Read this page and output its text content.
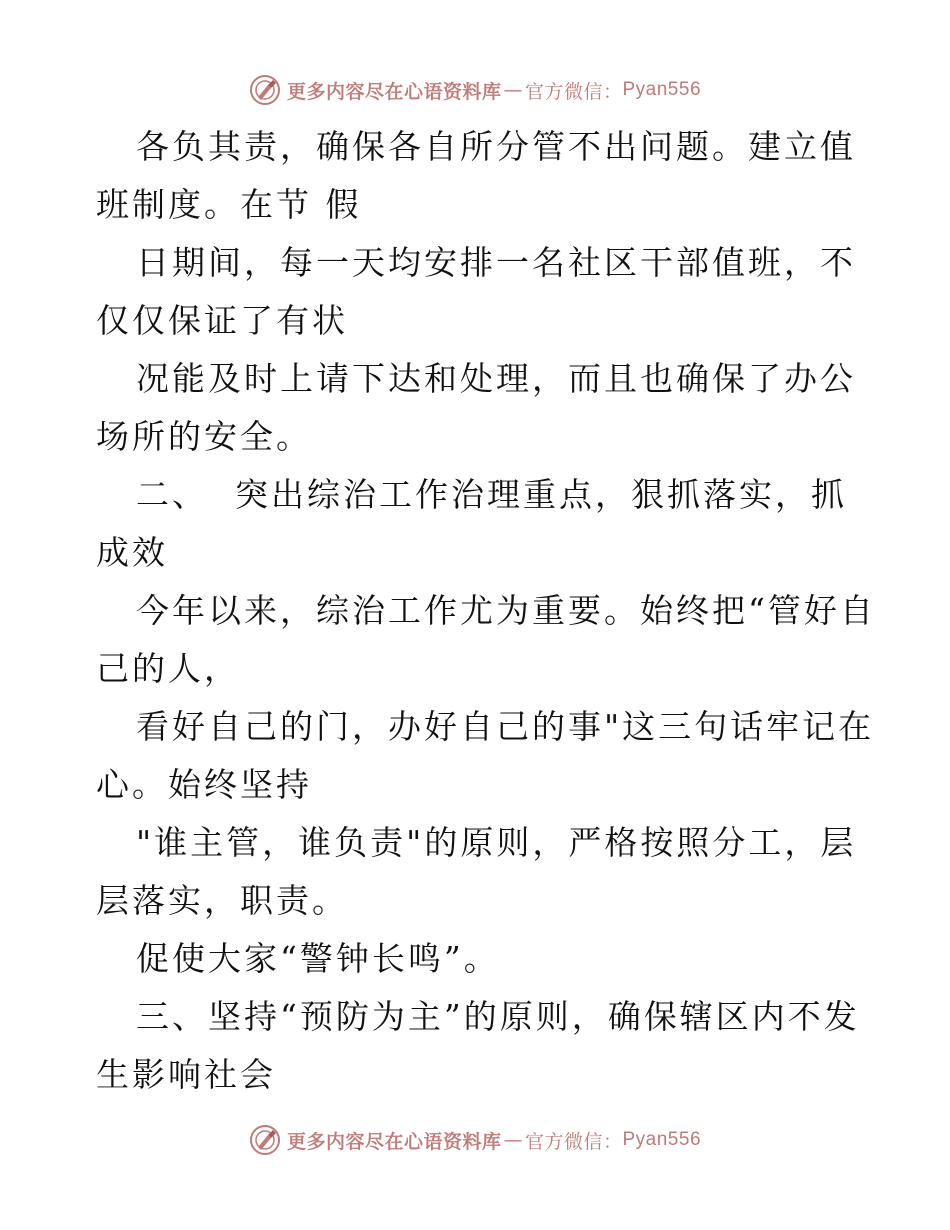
更多内容尽在心语资料库 — 官方微信： Pyan556

各负其责，确保各自所分管不出问题。建立值班制度。在节 假

日期间，每一天均安排一名社区干部值班，不仅仅保证了有状

况能及时上请下达和处理，而且也确保了办公场所的安全。

二、  突出综治工作治理重点，狠抓落实，抓成效

今年以来，综治工作尤为重要。始终把“管好自己的人，

看好自己的门，办好自己的事"这三句话牢记在心。始终坚持

"谁主管，谁负责"的原则，严格按照分工，层层落实，职责。

促使大家“警钟长鸣”。

三、坚持“预防为主”的原则，确保辖区内不发生影响社会

更多内容尽在心语资料库 — 官方微信： Pyan556
